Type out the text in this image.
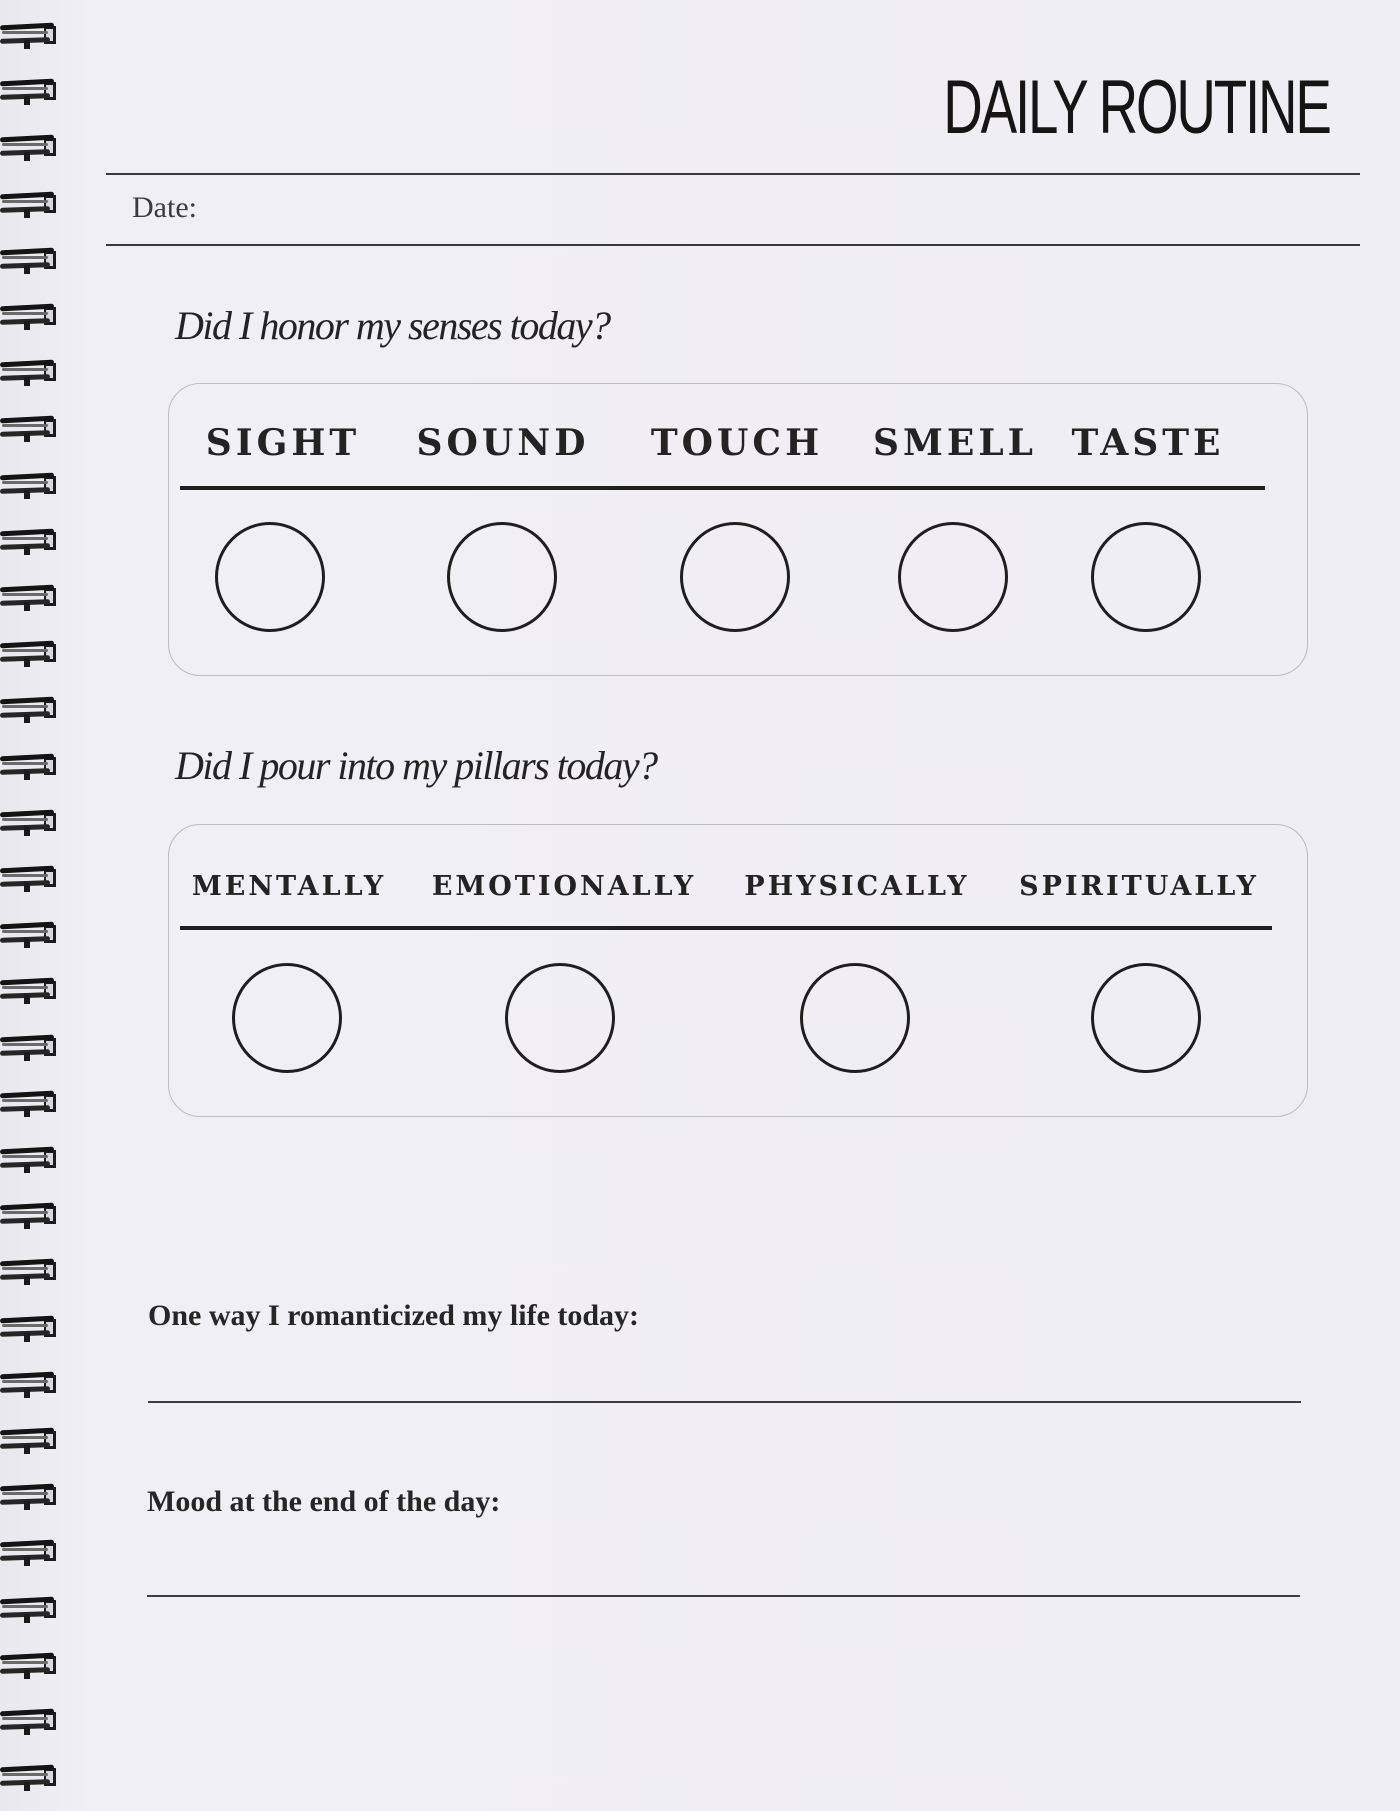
DAILY ROUTINE
Date:
Did I honor my senses today?
SIGHT SOUND TOUCH SMELL TASTE
Did I pour into my pillars today?
MENTALLY EMOTIONALLY PHYSICALLY SPIRITUALLY
One way I romanticized my life today:
Mood at the end of the day:
